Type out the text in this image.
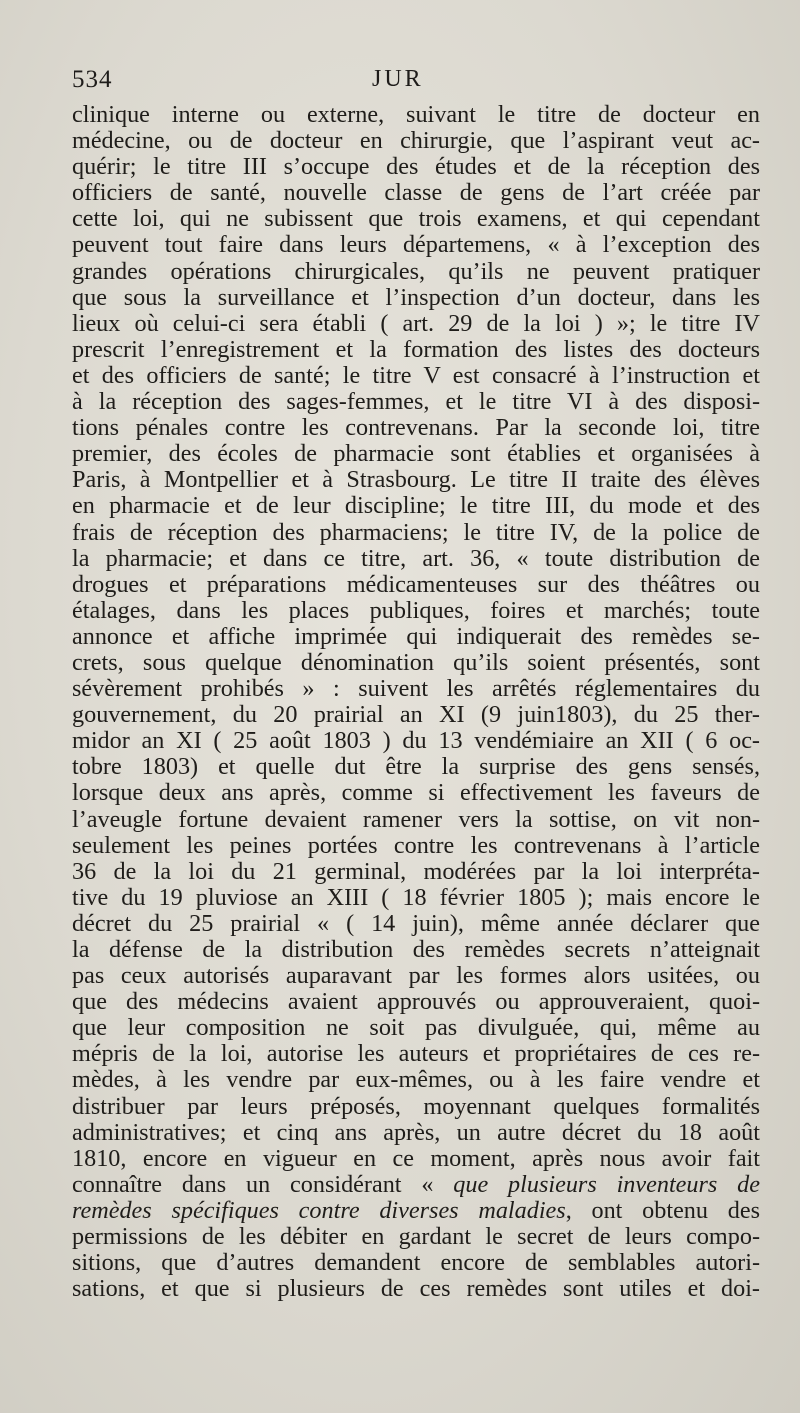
534	JUR
clinique interne ou externe, suivant le titre de docteur en
médecine, ou de docteur en chirurgie, que l’aspirant veut ac-
quérir; le titre III s’occupe des études et de la réception des
officiers de santé, nouvelle classe de gens de l’art créée par
cette loi, qui ne subissent que trois examens, et qui cependant
peuvent tout faire dans leurs départemens, « à l’exception des
grandes opérations chirurgicales, qu’ils ne peuvent pratiquer
que sous la surveillance et l’inspection d’un docteur, dans les
lieux où celui-ci sera établi ( art. 29 de la loi ) »; le titre IV
prescrit l’enregistrement et la formation des listes des docteurs
et des officiers de santé; le titre V est consacré à l’instruction et
à la réception des sages-femmes, et le titre VI à des disposi-
tions pénales contre les contrevenans. Par la seconde loi, titre
premier, des écoles de pharmacie sont établies et organisées à
Paris, à Montpellier et à Strasbourg. Le titre II traite des élèves
en pharmacie et de leur discipline; le titre III, du mode et des
frais de réception des pharmaciens; le titre IV, de la police de
la pharmacie; et dans ce titre, art. 36, « toute distribution de
drogues et préparations médicamenteuses sur des théâtres ou
étalages, dans les places publiques, foires et marchés; toute
annonce et affiche imprimée qui indiquerait des remèdes se-
crets, sous quelque dénomination qu’ils soient présentés, sont
sévèrement prohibés » : suivent les arrêtés réglementaires du
gouvernement, du 20 prairial an XI (9 juin1803), du 25 ther-
midor an XI ( 25 août 1803 ) du 13 vendémiaire an XII ( 6 oc-
tobre 1803) et quelle dut être la surprise des gens sensés,
lorsque deux ans après, comme si effectivement les faveurs de
l’aveugle fortune devaient ramener vers la sottise, on vit non-
seulement les peines portées contre les contrevenans à l’article
36 de la loi du 21 germinal, modérées par la loi interpréta-
tive du 19 pluviose an XIII ( 18 février 1805 ); mais encore le
décret du 25 prairial « ( 14 juin), même année déclarer que
la défense de la distribution des remèdes secrets n’atteignait
pas ceux autorisés auparavant par les formes alors usitées, ou
que des médecins avaient approuvés ou approuveraient, quoi-
que leur composition ne soit pas divulguée, qui, même au
mépris de la loi, autorise les auteurs et propriétaires de ces re-
mèdes, à les vendre par eux-mêmes, ou à les faire vendre et
distribuer par leurs préposés, moyennant quelques formalités
administratives; et cinq ans après, un autre décret du 18 août
1810, encore en vigueur en ce moment, après nous avoir fait
connaître dans un considérant « que plusieurs inventeurs de
remèdes spécifiques contre diverses maladies, ont obtenu des
permissions de les débiter en gardant le secret de leurs compo-
sitions, que d’autres demandent encore de semblables autori-
sations, et que si plusieurs de ces remèdes sont utiles et doi-
